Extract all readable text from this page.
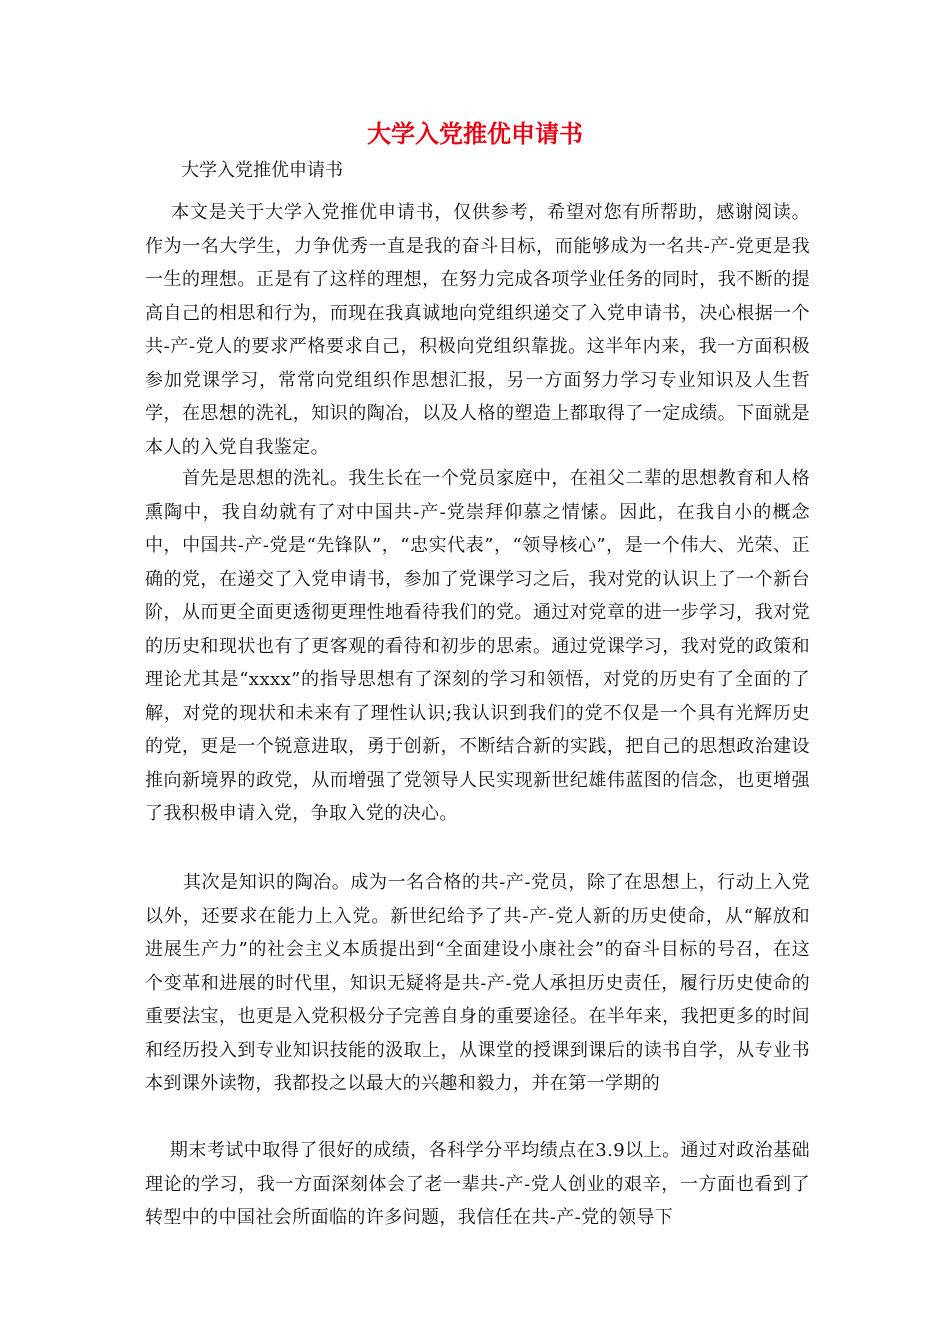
大学入党推优申请书
大学入党推优申请书
本文是关于大学入党推优申请书，仅供参考，希望对您有所帮助，感谢阅读。    作为一名大学生，力争优秀一直是我的奋斗目标，而能够成为一名共-产-党更是我一生的理想。正是有了这样的理想，在努力完成各项学业任务的同时，我不断的提高自己的相思和行为，而现在我真诚地向党组织递交了入党申请书，决心根据一个共-产-党人的要求严格要求自己，积极向党组织靠拢。这半年内来，我一方面积极参加党课学习，常常向党组织作思想汇报，另一方面努力学习专业知识及人生哲学，在思想的洗礼，知识的陶冶，以及人格的塑造上都取得了一定成绩。下面就是本人的入党自我鉴定。
首先是思想的洗礼。我生长在一个党员家庭中，在祖父二辈的思想教育和人格熏陶中，我自幼就有了对中国共-产-党崇拜仰慕之情愫。因此，在我自小的概念中，中国共-产-党是“先锋队”，“忠实代表”，“领导核心”，是一个伟大、光荣、正确的党，在递交了入党申请书，参加了党课学习之后，我对党的认识上了一个新台阶，从而更全面更透彻更理性地看待我们的党。通过对党章的进一步学习，我对党的历史和现状也有了更客观的看待和初步的思索。通过党课学习，我对党的政策和理论尤其是“xxxx”的指导思想有了深刻的学习和领悟，对党的历史有了全面的了解，对党的现状和未来有了理性认识;我认识到我们的党不仅是一个具有光辉历史的党，更是一个锐意进取，勇于创新，不断结合新的实践，把自己的思想政治建设推向新境界的政党，从而增强了党领导人民实现新世纪雄伟蓝图的信念，也更增强了我积极申请入党，争取入党的决心。
其次是知识的陶冶。成为一名合格的共-产-党员，除了在思想上，行动上入党以外，还要求在能力上入党。新世纪给予了共-产-党人新的历史使命，从“解放和进展生产力”的社会主义本质提出到“全面建设小康社会”的奋斗目标的号召，在这个变革和进展的时代里，知识无疑将是共-产-党人承担历史责任，履行历史使命的重要法宝，也更是入党积极分子完善自身的重要途径。在半年来，我把更多的时间和经历投入到专业知识技能的汲取上，从课堂的授课到课后的读书自学，从专业书本到课外读物，我都投之以最大的兴趣和毅力，并在第一学期的
期末考试中取得了很好的成绩，各科学分平均绩点在3.9以上。通过对政治基础理论的学习，我一方面深刻体会了老一辈共-产-党人创业的艰辛，一方面也看到了转型中的中国社会所面临的许多问题，我信任在共-产-党的领导下
